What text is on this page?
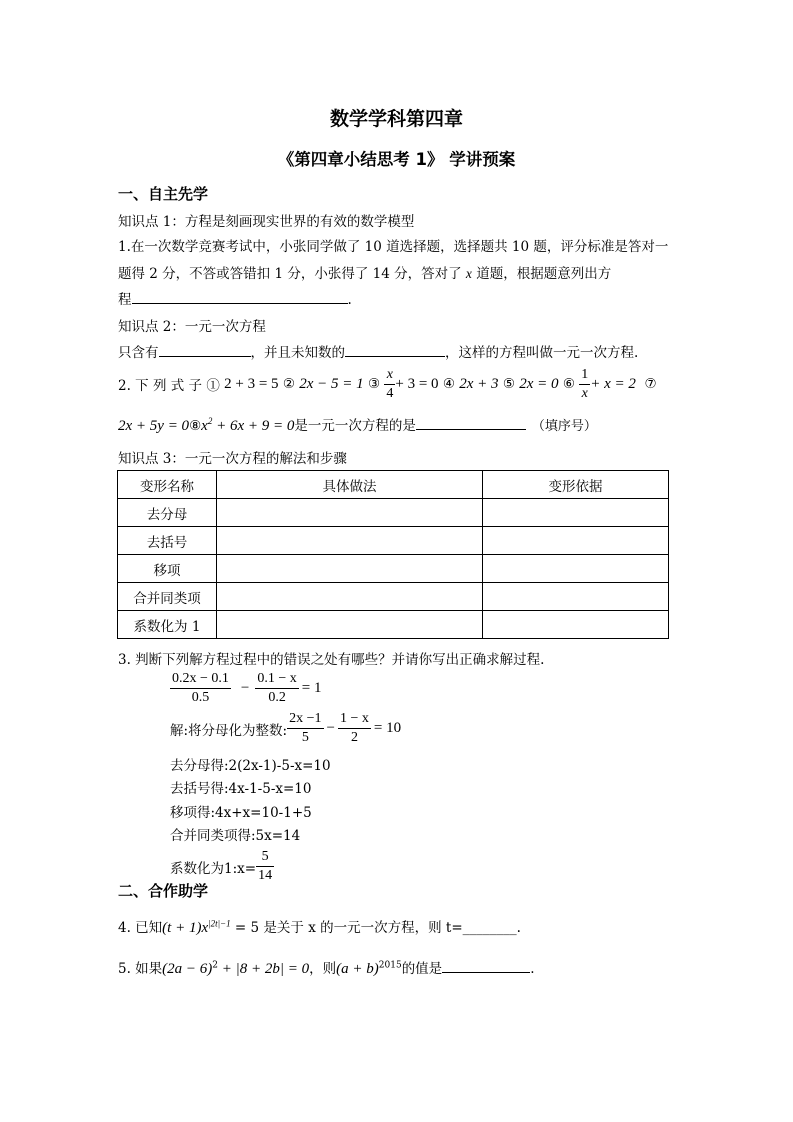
数学学科第四章
《第四章小结思考 1》 学讲预案
一、自主先学
知识点 1：方程是刻画现实世界的有效的数学模型
1.在一次数学竞赛考试中，小张同学做了 10 道选择题，选择题共 10 题，评分标准是答对一
题得 2 分，不答或答错扣 1 分，小张得了 14 分，答对了 x 道题，根据题意列出方
程	.
知识点 2：一元一次方程
只含有	，并且未知数的	，这样的方程叫做一元一次方程.
2. 下 列 式 子 ①
2 + 3 = 5
②
2x − 5 = 1
③
$\frac{x}{4} + 3 = 0$
④
2x + 3
⑤
2x = 0
⑥
$\frac{1}{x} + x = 2$
⑦
$2x + 5y = 0⑧x^2 + 6x + 9 = 0$是一元一次方程的是	（填序号）
知识点 3：一元一次方程的解法和步骤
变形名称	具体做法	变形依据
去分母		
去括号		
移项		
合并同类项		
系数化为 1		
3. 判断下列解方程过程中的错误之处有哪些？并请你写出正确求解过程.
$\frac{0.2x - 0.1}{0.5} - \frac{0.1 - x}{0.2} = 1$
解:将分母化为整数: $\frac{2x -1}{5} - \frac{1 - x}{2} = 10$
去分母得:2(2x-1)-5-x=10
去括号得:4x-1-5-x=10
移项得:4x+x=10-1+5
合并同类项得:5x=14
系数化为1:x= $\frac{5}{14}$
二、合作助学
4. 已知$(t + 1)x^{|2t|-1} = 5$ 是关于 x 的一元一次方程，则 t=________.
5. 如果$(2a - 6)^2 + |8 + 2b| = 0$，则$(a + b)^{2015}$的值是	.
